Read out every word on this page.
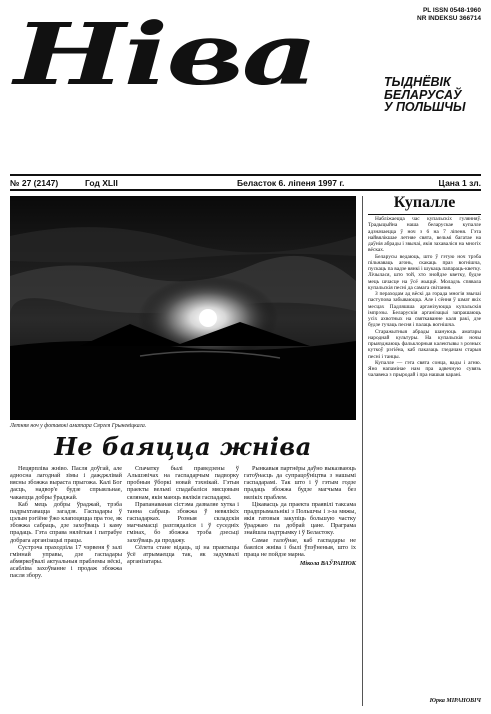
PL ISSN 0548-1960
NR INDEKSU 366714
Ніва	ТЫДНЁВІК
БЕЛАРУСАЎ
У ПОЛЬШЧЫ
№ 27 (2147)	Год XLII	Беласток 6. ліпеня 1997 г.	Цана 1 зл.
Летняя ноч у фотавокі аматара Сяргея Грыневіцкага.
Не баяцца жніва

Нецярпліва жніво. Пасля доўгай, але адносна лагоднай зімы і дажджлівай вясны збожжа выраста прыгожа. Калі Бог дасць, надвор'е будзе спрыяльнае, чакаецца добры ўраджай.

Каб мець добры ўраджай, трэба падрыхтавацца загадзя. Гаспадары ў цэлым рэгіёне ўжо клапоцяцца пра тое, як збожжа сабраць, дзе захоўваць і каму прадаць. Гэта справа нялёгкая і патрабуе добрага арганізацыі працы.

Сустрэча праходзіла 17 чэрвеня ў залі гміннай управы, дзе гаспадары абмяркоўвалі актуальныя праблемы вёскі, асабліва захоўванне і продаж збожжа пасля збору.

Спачатку былі праведзены ў Альшэвічах на гаспадарчым падворку пробныя ўборкі новай тэхнікай. Гэтыя праекты вельмі спадабаліся мясцовым сялянам, якія маюць вялікія гаспадаркі.

Прапанаваная сістэма дазваляе хутка і танна сабраць збожжа ў невялікіх гаспадарках. Розныя складскія магчымасці разглядаліся і ў суседніх гмінах, бо збожжа трэба дзесьці захоўваць да продажу.

Сёлета стане відаць, ці на практыцы ўсё атрымаецца так, як задумвалі арганізатары.

Рынкавыя партнёры даўно выказваюць гатоўнасць да супрацоўніцтва з нашымі гаспадарамі. Так што і ў гэтым годзе прадаць збожжа будзе магчыма без вялікіх праблем.

Цікавасць да праекта праявілі таксама прадпрымальнікі з Польшчы і з-за мяжы, якія гатовыя закупіць большую частку ўраджаю па добрай цане. Праграма знайшла падтрымку і ў Беластоку.

Самае галоўнае, каб гаспадары не баяліся жніва і былі ўпэўненыя, што іх праца не пойдзе марна.

Мікола ВАЎРАНЮК
Купалле

Набліжаецца час купальскіх гулянняў. Традыцыйна наша беларускае купалле адзначаецца ў ноч з 6 на 7 ліпеня. Гэта найвялікшае летняе свята, вельмі багатае на даўнія абрады і звычаі, якія захаваліся на многіх вёсках.

Беларусы ведаюць, што ў гэтую ноч трэба пільнаваць агонь, скакаць праз вогнішча, пускаць па вадзе вянкі і шукаць папараць-кветку. Лічылася, што той, хто знойдзе кветку, будзе мець шчасце на ўсё жыццё. Моладзь спявала купальскія песні да самага світання.

З пераходам ад вёскі да горада многія звычаі паступова забываюцца. Але і сёння ў шмат якіх месцах Падляшша арганізуюцца купальскія імпрэзы. Беларускія арганізацыі запрашаюць усіх ахвотных на святкаванне каля ракі, дзе будзе гучаць песня і палаць вогнішча.

Старажытныя абрады шануюць аматары народнай культуры. На купальскія ночы прыязджаюць фальклорныя калектывы з розных куткоў рэгіёна, каб паказаць гледачам старыя песні і танцы.

Купалле — гэта свята сонца, вады і агню. Яно напамінае нам пра адвечную сувязь чалавека з прыродай і пра нашыя каранi.

Юрка МІРАНОВІЧ
